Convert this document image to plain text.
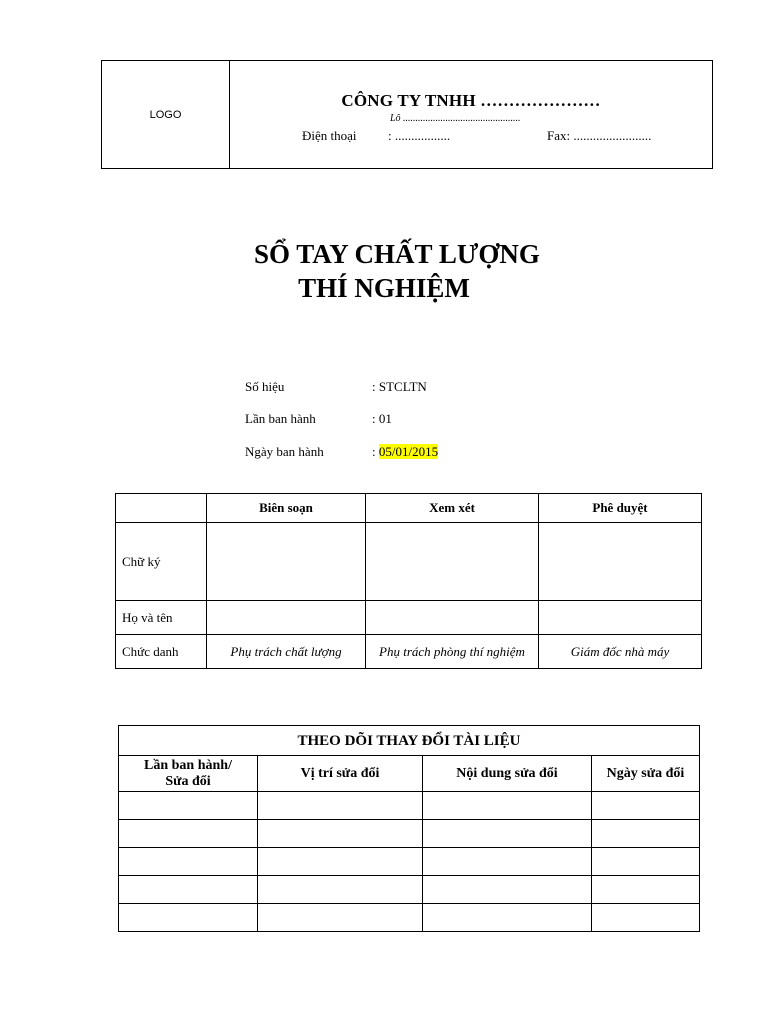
LOGO
CÔNG TY TNHH …………………
Lô ...............................................
Điện thoại : .................	Fax: ........................
SỔ TAY CHẤT LƯỢNG
THÍ NGHIỆM
Số hiệu	: STCLTN
Lần ban hành	: 01
Ngày ban hành	: 05/01/2015
	Biên soạn	Xem xét	Phê duyệt
Chữ ký			
Họ và tên			
Chức danh	Phụ trách chất lượng	Phụ trách phòng thí nghiệm	Giám đốc nhà máy
THEO DÕI THAY ĐỔI TÀI LIỆU			

Lần ban hành/
Sửa đổi	Vị trí sửa đổi	Nội dung sửa đổi	Ngày sửa đổi
